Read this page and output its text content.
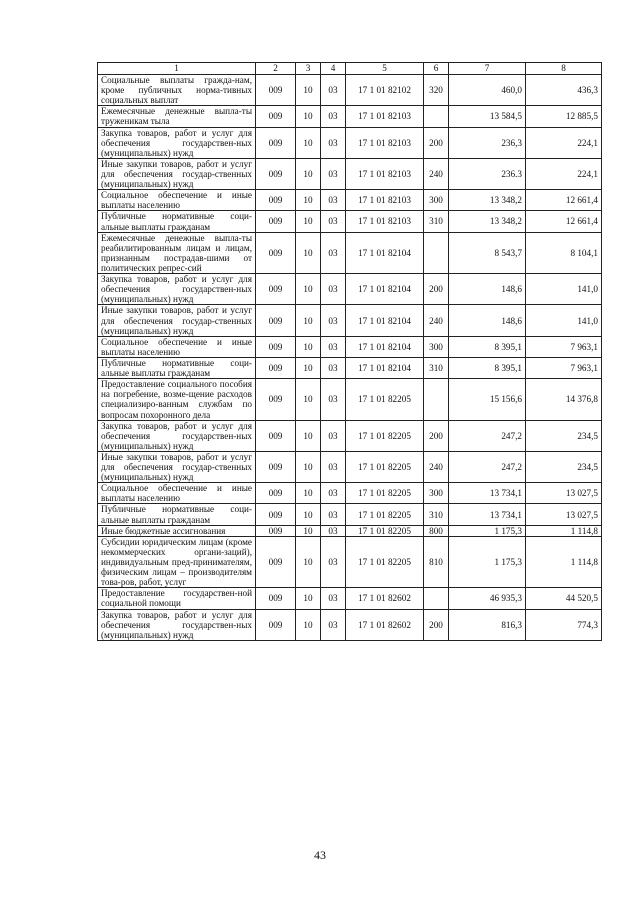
1	2	3	4	5	6	7	8
Социальные выплаты гражда-нам, кроме публичных норма-тивных социальных выплат	009	10	03	17 1 01 82102	320	460,0	436,3
Ежемесячные денежные выпла-ты труженикам тыла	009	10	03	17 1 01 82103		13 584,5	12 885,5
Закупка товаров, работ и услуг для обеспечения государствен-ных (муниципальных) нужд	009	10	03	17 1 01 82103	200	236,3	224,1
Иные закупки товаров, работ и услуг для обеспечения государ-ственных (муниципальных) нужд	009	10	03	17 1 01 82103	240	236.3	224,1
Социальное обеспечение и иные выплаты населению	009	10	03	17 1 01 82103	300	13 348,2	12 661,4
Публичные нормативные соци-альные выплаты гражданам	009	10	03	17 1 01 82103	310	13 348,2	12 661,4
Ежемесячные денежные выпла-ты реабилитированным лицам и лицам, признанным пострадав-шими от политических репрес-сий	009	10	03	17 1 01 82104		8 543,7	8 104,1
Закупка товаров, работ и услуг для обеспечения государствен-ных (муниципальных) нужд	009	10	03	17 1 01 82104	200	148,6	141,0
Иные закупки товаров, работ и услуг для обеспечения государ-ственных (муниципальных) нужд	009	10	03	17 1 01 82104	240	148,6	141,0
Социальное обеспечение и иные выплаты населению	009	10	03	17 1 01 82104	300	8 395,1	7 963,1
Публичные нормативные соци-альные выплаты гражданам	009	10	03	17 1 01 82104	310	8 395,1	7 963,1
Предоставление социального пособия на погребение, возме-щение расходов специализиро-ванным службам по вопросам похоронного дела	009	10	03	17 1 01 82205		15 156,6	14 376,8
Закупка товаров, работ и услуг для обеспечения государствен-ных (муниципальных) нужд	009	10	03	17 1 01 82205	200	247,2	234,5
Иные закупки товаров, работ и услуг для обеспечения государ-ственных (муниципальных) нужд	009	10	03	17 1 01 82205	240	247,2	234,5
Социальное обеспечение и иные выплаты населению	009	10	03	17 1 01 82205	300	13 734,1	13 027,5
Публичные нормативные соци-альные выплаты гражданам	009	10	03	17 1 01 82205	310	13 734,1	13 027,5
Иные бюджетные ассигнования	009	10	03	17 1 01 82205	800	1 175,3	1 114,8
Субсидии юридическим лицам (кроме некоммерческих органи-заций), индивидуальным пред-принимателям, физическим лицам – производителям това-ров, работ, услуг	009	10	03	17 1 01 82205	810	1 175,3	1 114,8
Предоставление государствен-ной социальной помощи	009	10	03	17 1 01 82602		46 935,3	44 520,5
Закупка товаров, работ и услуг для обеспечения государствен-ных (муниципальных) нужд	009	10	03	17 1 01 82602	200	816,3	774,3
43
